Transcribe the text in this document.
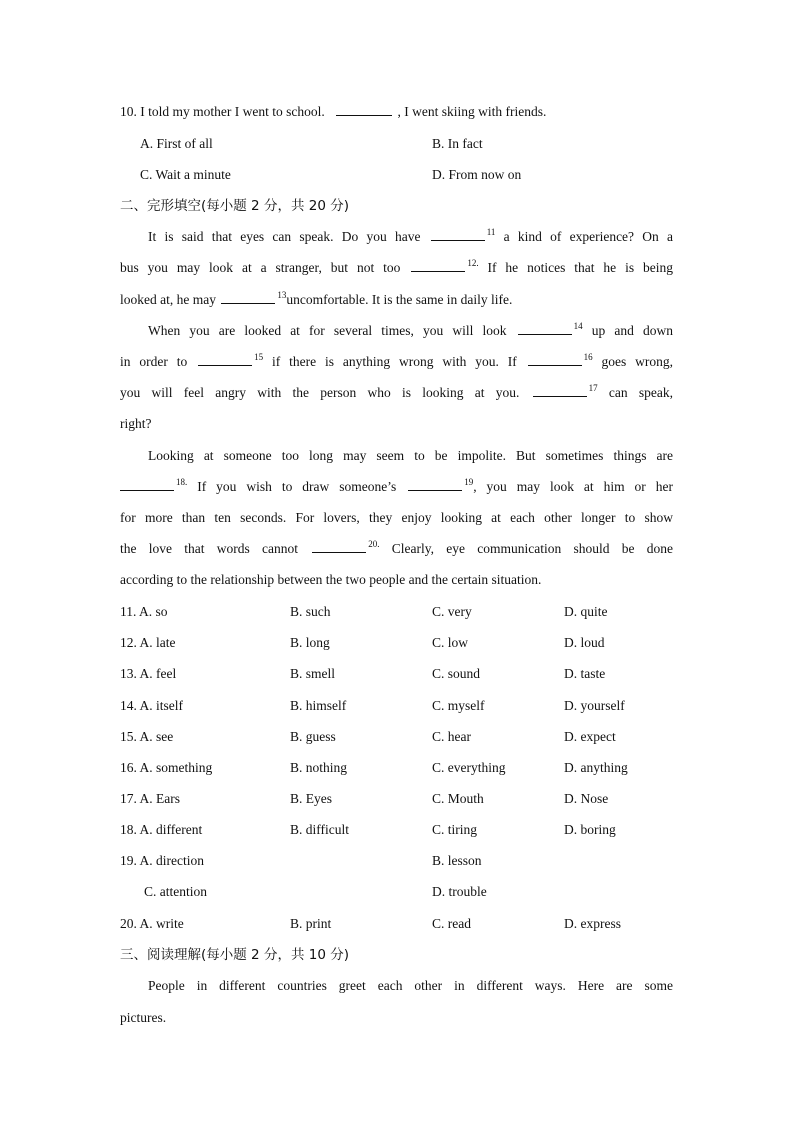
10. I told my mother I went to school.	, I went skiing with friends.
A. First of all	B. In fact
C. Wait a minute	D. From now on
二、完形填空(每小题 2 分，共 20 分)
It is said that eyes can speak. Do you have	$^{11}$ a kind of experience? On a
bus you may look at a stranger, but not too	$^{12.}$ If he notices that he is being
looked at, he may	$^{13}$uncomfortable. It is the same in daily life.
When you are looked at for several times, you will look	$^{14}$ up and down
in order to	$^{15}$ if there is anything wrong with you. If	$^{16}$ goes wrong,
you will feel angry with the person who is looking at you.	$^{17}$ can speak,
right?
Looking at someone too long may seem to be impolite. But sometimes things are
$^{18.}$ If you wish to draw someone’s	$^{19}$, you may look at him or her
for more than ten seconds. For lovers, they enjoy looking at each other longer to show
the love that words cannot	$^{20.}$ Clearly, eye communication should be done
according to the relationship between the two people and the certain situation.
11. A. so	B. such	C. very	D. quite
12. A. late	B. long	C. low	D. loud
13. A. feel	B. smell	C. sound	D. taste
14. A. itself	B. himself	C. myself	D. yourself
15. A. see	B. guess	C. hear	D. expect
16. A. something	B. nothing	C. everything	D. anything
17. A. Ears	B. Eyes	C. Mouth	D. Nose
18. A. different	B. difficult	C. tiring	D. boring
19. A. direction	B. lesson
C. attention	D. trouble
20. A. write	B. print	C. read	D. express
三、阅读理解(每小题 2 分，共 10 分)
People in different countries greet each other in different ways. Here are some
pictures.
